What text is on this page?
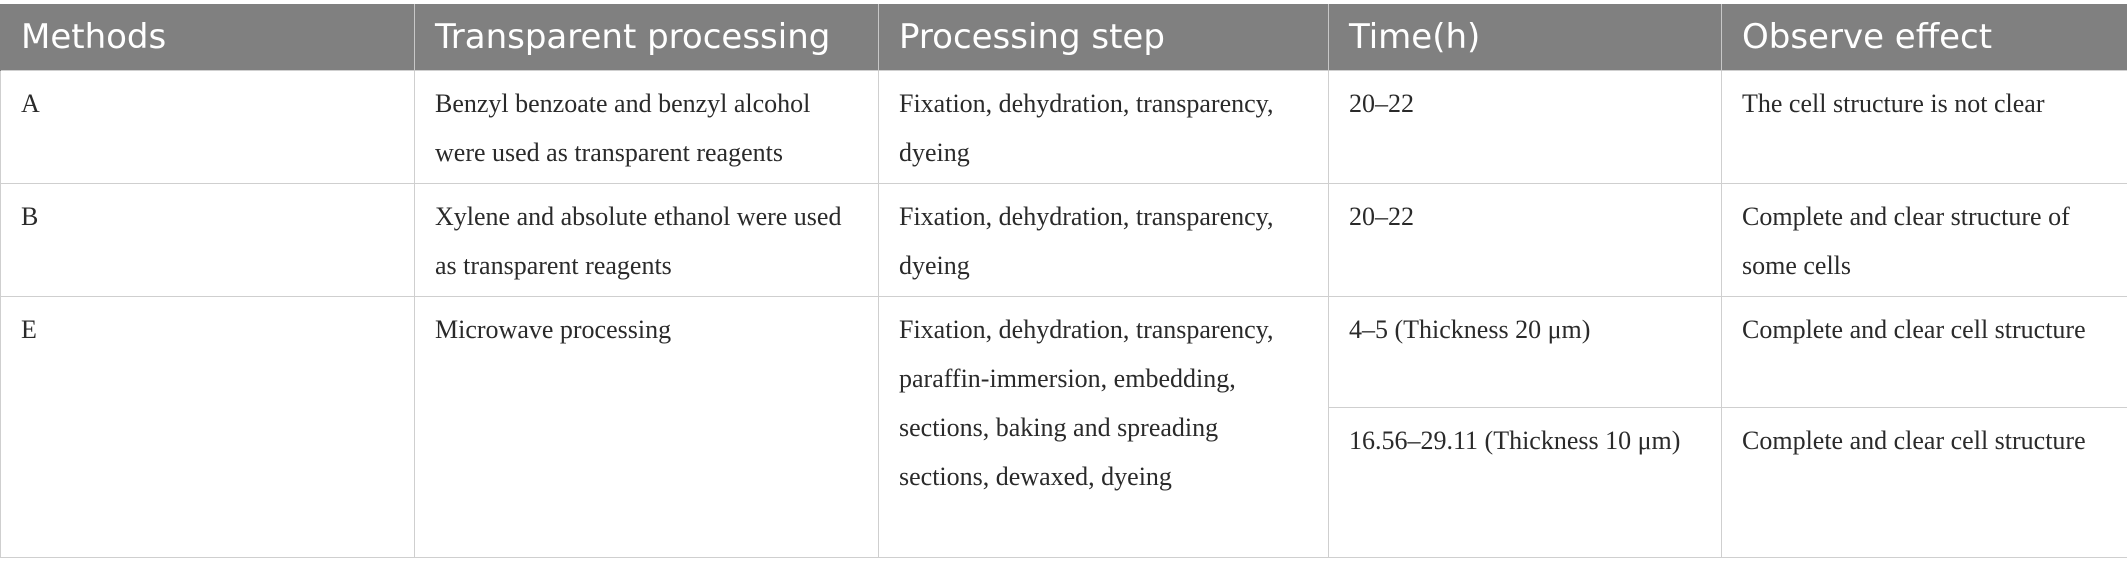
Methods	Transparent processing	Processing step	Time(h)	Observe effect
A	Benzyl benzoate and benzyl alcohol were used as transparent reagents	Fixation, dehydration, transparency, dyeing	20–22	The cell structure is not clear
B	Xylene and absolute ethanol were used as transparent reagents	Fixation, dehydration, transparency, dyeing	20–22	Complete and clear structure of some cells
E	Microwave processing	Fixation, dehydration, transparency, paraffin-immersion, embedding, sections, baking and spreading sections, dewaxed, dyeing	4–5 (Thickness 20 μm)	Complete and clear cell structure
			16.56–29.11 (Thickness 10 μm)	Complete and clear cell structure
